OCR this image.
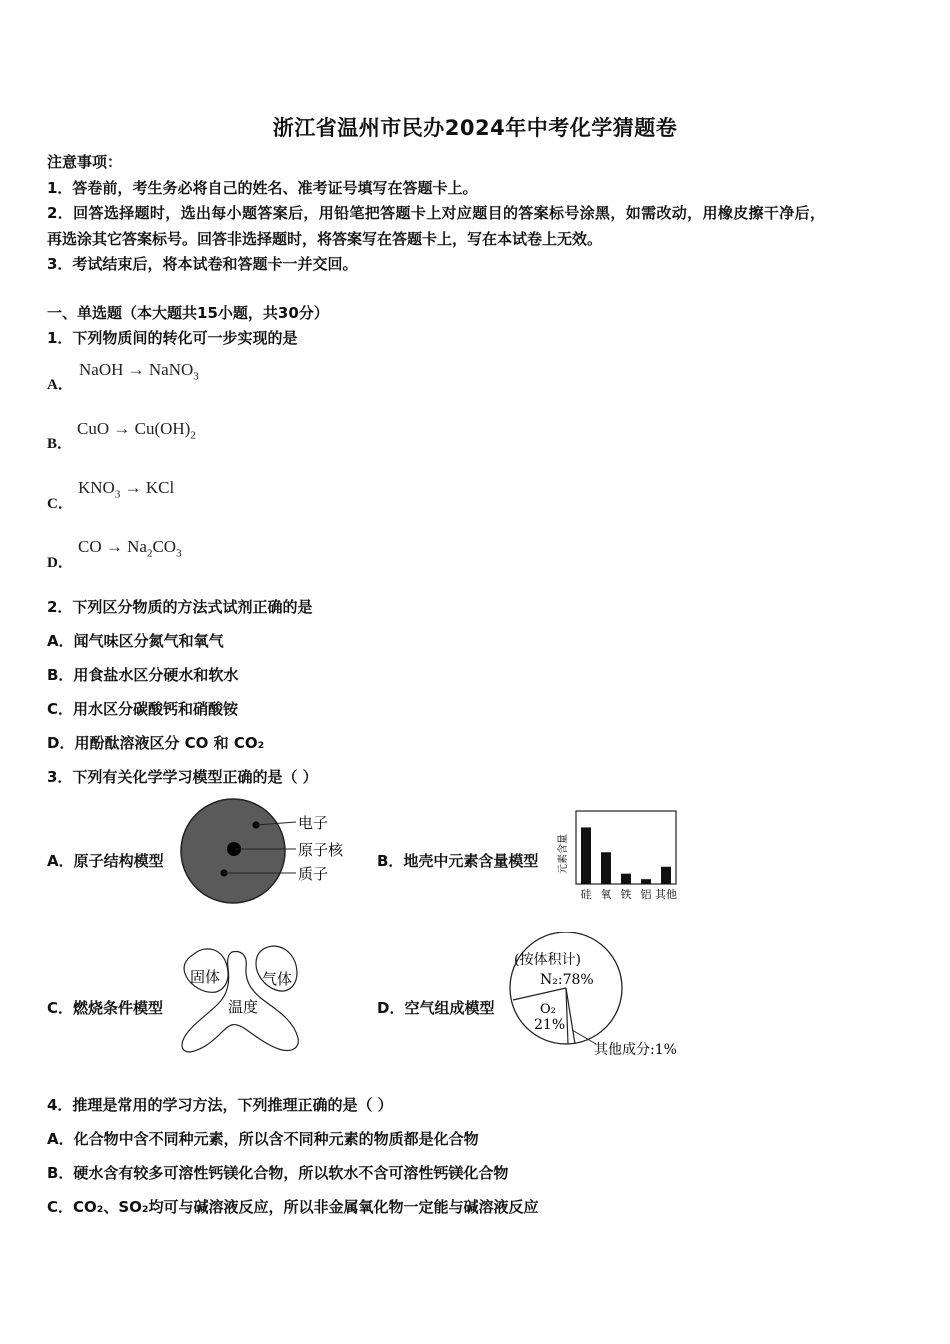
浙江省温州市民办2024年中考化学猜题卷
注意事项：
1．答卷前，考生务必将自己的姓名、准考证号填写在答题卡上。
2．回答选择题时，选出每小题答案后，用铅笔把答题卡上对应题目的答案标号涂黑，如需改动，用橡皮擦干净后，
再选涂其它答案标号。回答非选择题时，将答案写在答题卡上，写在本试卷上无效。
3．考试结束后，将本试卷和答题卡一并交回。
一、单选题（本大题共15小题，共30分）
1．下列物质间的转化可一步实现的是
A．
NaOH → NaNO$_3$
B．
CuO → $Cu(OH)_2$
C．
$KNO_3$ → KCl
D．
CO → $Na_2CO_3$
2．下列区分物质的方法式试剂正确的是
A．闻气味区分氮气和氧气
B．用食盐水区分硬水和软水
C．用水区分碳酸钙和硝酸铵
D．用酚酞溶液区分 CO 和 CO₂
3．下列有关化学学习模型正确的是（ ）
A．原子结构模型
电子
原子核
质子
B．地壳中元素含量模型 元素含量
硅 氧 铁 铝 其他
C．燃烧条件模型
固体	气体
温度	D．空气组成模型
(按体积计)
N₂:78%
O₂
21%
其他成分:1%
4．推理是常用的学习方法，下列推理正确的是（ ）
A．化合物中含不同种元素，所以含不同种元素的物质都是化合物
B．硬水含有较多可溶性钙镁化合物，所以软水不含可溶性钙镁化合物
C．CO₂、SO₂均可与碱溶液反应，所以非金属氧化物一定能与碱溶液反应
